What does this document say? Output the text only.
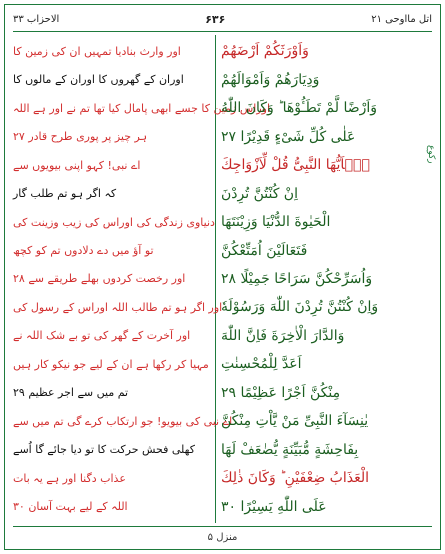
الاحزاب ۳۳	۶۳۶	اتل مااوحی ۲۱
اور وارث بنادیا تمہیں ان کی زمین کا
اوران کے گھروں کا اوران کے مالوں کا
اوراس زمین کا جسے ابھی پامال کیا تھا تم نے اور ہے اللہ
ہر چیز پر پوری طرح قادر ۲۷
اے نبی! کہو اپنی بیویوں سے
کہ اگر ہو تم طلب گار
دنیاوی زندگی کی اوراس کی زیب وزینت کی
تو آؤ میں دے دلادوں تم کو کچھ
اور رخصت کردوں بھلے طریقے سے ۲۸
اور اگر ہو تم طالب اللہ اوراس کے رسول کی
اور آخرت کے گھر کی تو بے شک اللہ نے
مہیا کر رکھا ہے ان کے لیے جو نیکو کار ہیں
تم میں سے اجر عظیم ۲۹
اے نبی کی بیویو! جو ارتکاب کرے گی تم میں سے
کھلی فحش حرکت کا تو دیا جائے گا اُسے
عذاب دگنا اور ہے یہ بات
اللہ کے لیے بہت آسان ۳۰
وَاَوْرَثَكُمْ اَرْضَهُمْ
وَدِيَارَهُمْ وَاَمْوَالَهُمْ
وَاَرْضًا لَّمْ تَطَـُٔوْهَا ؕ وَكَانَ اللّٰهُ
عَلٰى كُلِّ شَىْءٍ قَدِيْرًا ۲۷
يٰۤاَيُّهَا النَّبِىُّ قُلْ لِّاَزْوَاجِكَ
اِنْ كُنْتُنَّ تُرِدْنَ
الْحَيٰوةَ الدُّنْيَا وَزِيْنَتَهَا
فَتَعَالَيْنَ اُمَتِّعْكُنَّ
وَاُسَرِّحْكُنَّ سَرَاحًا جَمِيْلًا ۲۸
وَاِنْ كُنْتُنَّ تُرِدْنَ اللّٰهَ وَرَسُوْلَهٗ
وَالدَّارَ الْاٰخِرَةَ فَاِنَّ اللّٰهَ
اَعَدَّ لِلْمُحْسِنٰتِ
مِنْكُنَّ اَجْرًا عَظِيْمًا ۲۹
يٰنِسَآءَ النَّبِىِّ مَنْ يَّاْتِ مِنْكُنَّ
بِفَاحِشَةٍ مُّبَيِّنَةٍ يُّضٰعَفْ لَهَا
الْعَذَابُ ضِعْفَيْنِ ؕ وَكَانَ ذٰلِكَ
عَلَى اللّٰهِ يَسِيْرًا ۳۰
رکوع
منزل ۵
